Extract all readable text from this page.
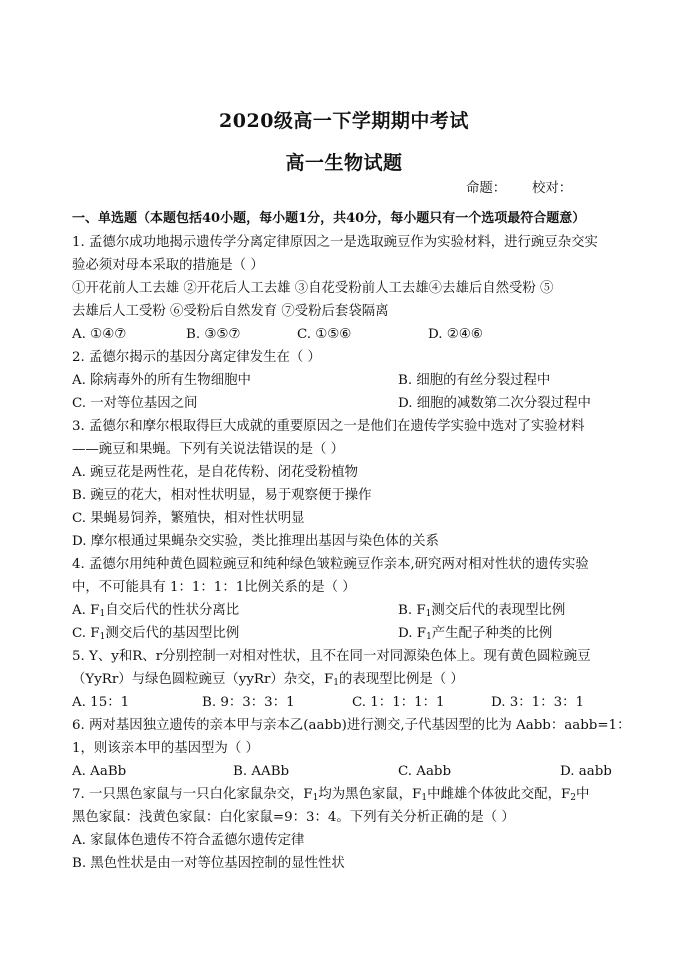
2020级高一下学期期中考试
高一生物试题
命题： 校对：
一、单选题（本题包括40小题，每小题1分，共40分，每小题只有一个选项最符合题意）
1. 孟德尔成功地揭示遗传学分离定律原因之一是选取豌豆作为实验材料，进行豌豆杂交实
验必须对母本采取的措施是（ ）
①开花前人工去雄 ②开花后人工去雄 ③自花受粉前人工去雄④去雄后自然受粉 ⑤
去雄后人工受粉 ⑥受粉后自然发育 ⑦受粉后套袋隔离
A. ①④⑦	B. ③⑤⑦	C. ①⑤⑥	D. ②④⑥
2. 孟德尔揭示的基因分离定律发生在（ ）
A. 除病毒外的所有生物细胞中	B. 细胞的有丝分裂过程中
C. 一对等位基因之间	D. 细胞的减数第二次分裂过程中
3. 孟德尔和摩尔根取得巨大成就的重要原因之一是他们在遗传学实验中选对了实验材料
——豌豆和果蝇。下列有关说法错误的是（ ）
A. 豌豆花是两性花，是自花传粉、闭花受粉植物
B. 豌豆的花大，相对性状明显，易于观察便于操作
C. 果蝇易饲养，繁殖快，相对性状明显
D. 摩尔根通过果蝇杂交实验，类比推理出基因与染色体的关系
4. 孟德尔用纯种黄色圆粒豌豆和纯种绿色皱粒豌豆作亲本,研究两对相对性状的遗传实验
中，不可能具有 1：1：1：1比例关系的是（ ）
A. $F_1$自交后代的性状分离比	B. $F_1$测交后代的表现型比例
C. $F_1$测交后代的基因型比例	D. $F_1$产生配子种类的比例
5. Y、y和R、r分别控制一对相对性状，且不在同一对同源染色体上。现有黄色圆粒豌豆
（YyRr）与绿色圆粒豌豆（yyRr）杂交，$F_1$的表现型比例是（ ）
A. 15：1	B. 9：3：3：1	C. 1：1：1：1	D. 3：1：3：1
6. 两对基因独立遗传的亲本甲与亲本乙(aabb)进行测交,子代基因型的比为 Aabb：aabb=1：
1，则该亲本甲的基因型为（ ）
A. AaBb	B. AABb	C. Aabb	D. aabb
7. 一只黑色家鼠与一只白化家鼠杂交，$F_1$均为黑色家鼠，$F_1$中雌雄个体彼此交配，$F_2$中
黑色家鼠：浅黄色家鼠：白化家鼠=9：3：4。下列有关分析正确的是（ ）
A. 家鼠体色遗传不符合孟德尔遗传定律
B. 黑色性状是由一对等位基因控制的显性性状
